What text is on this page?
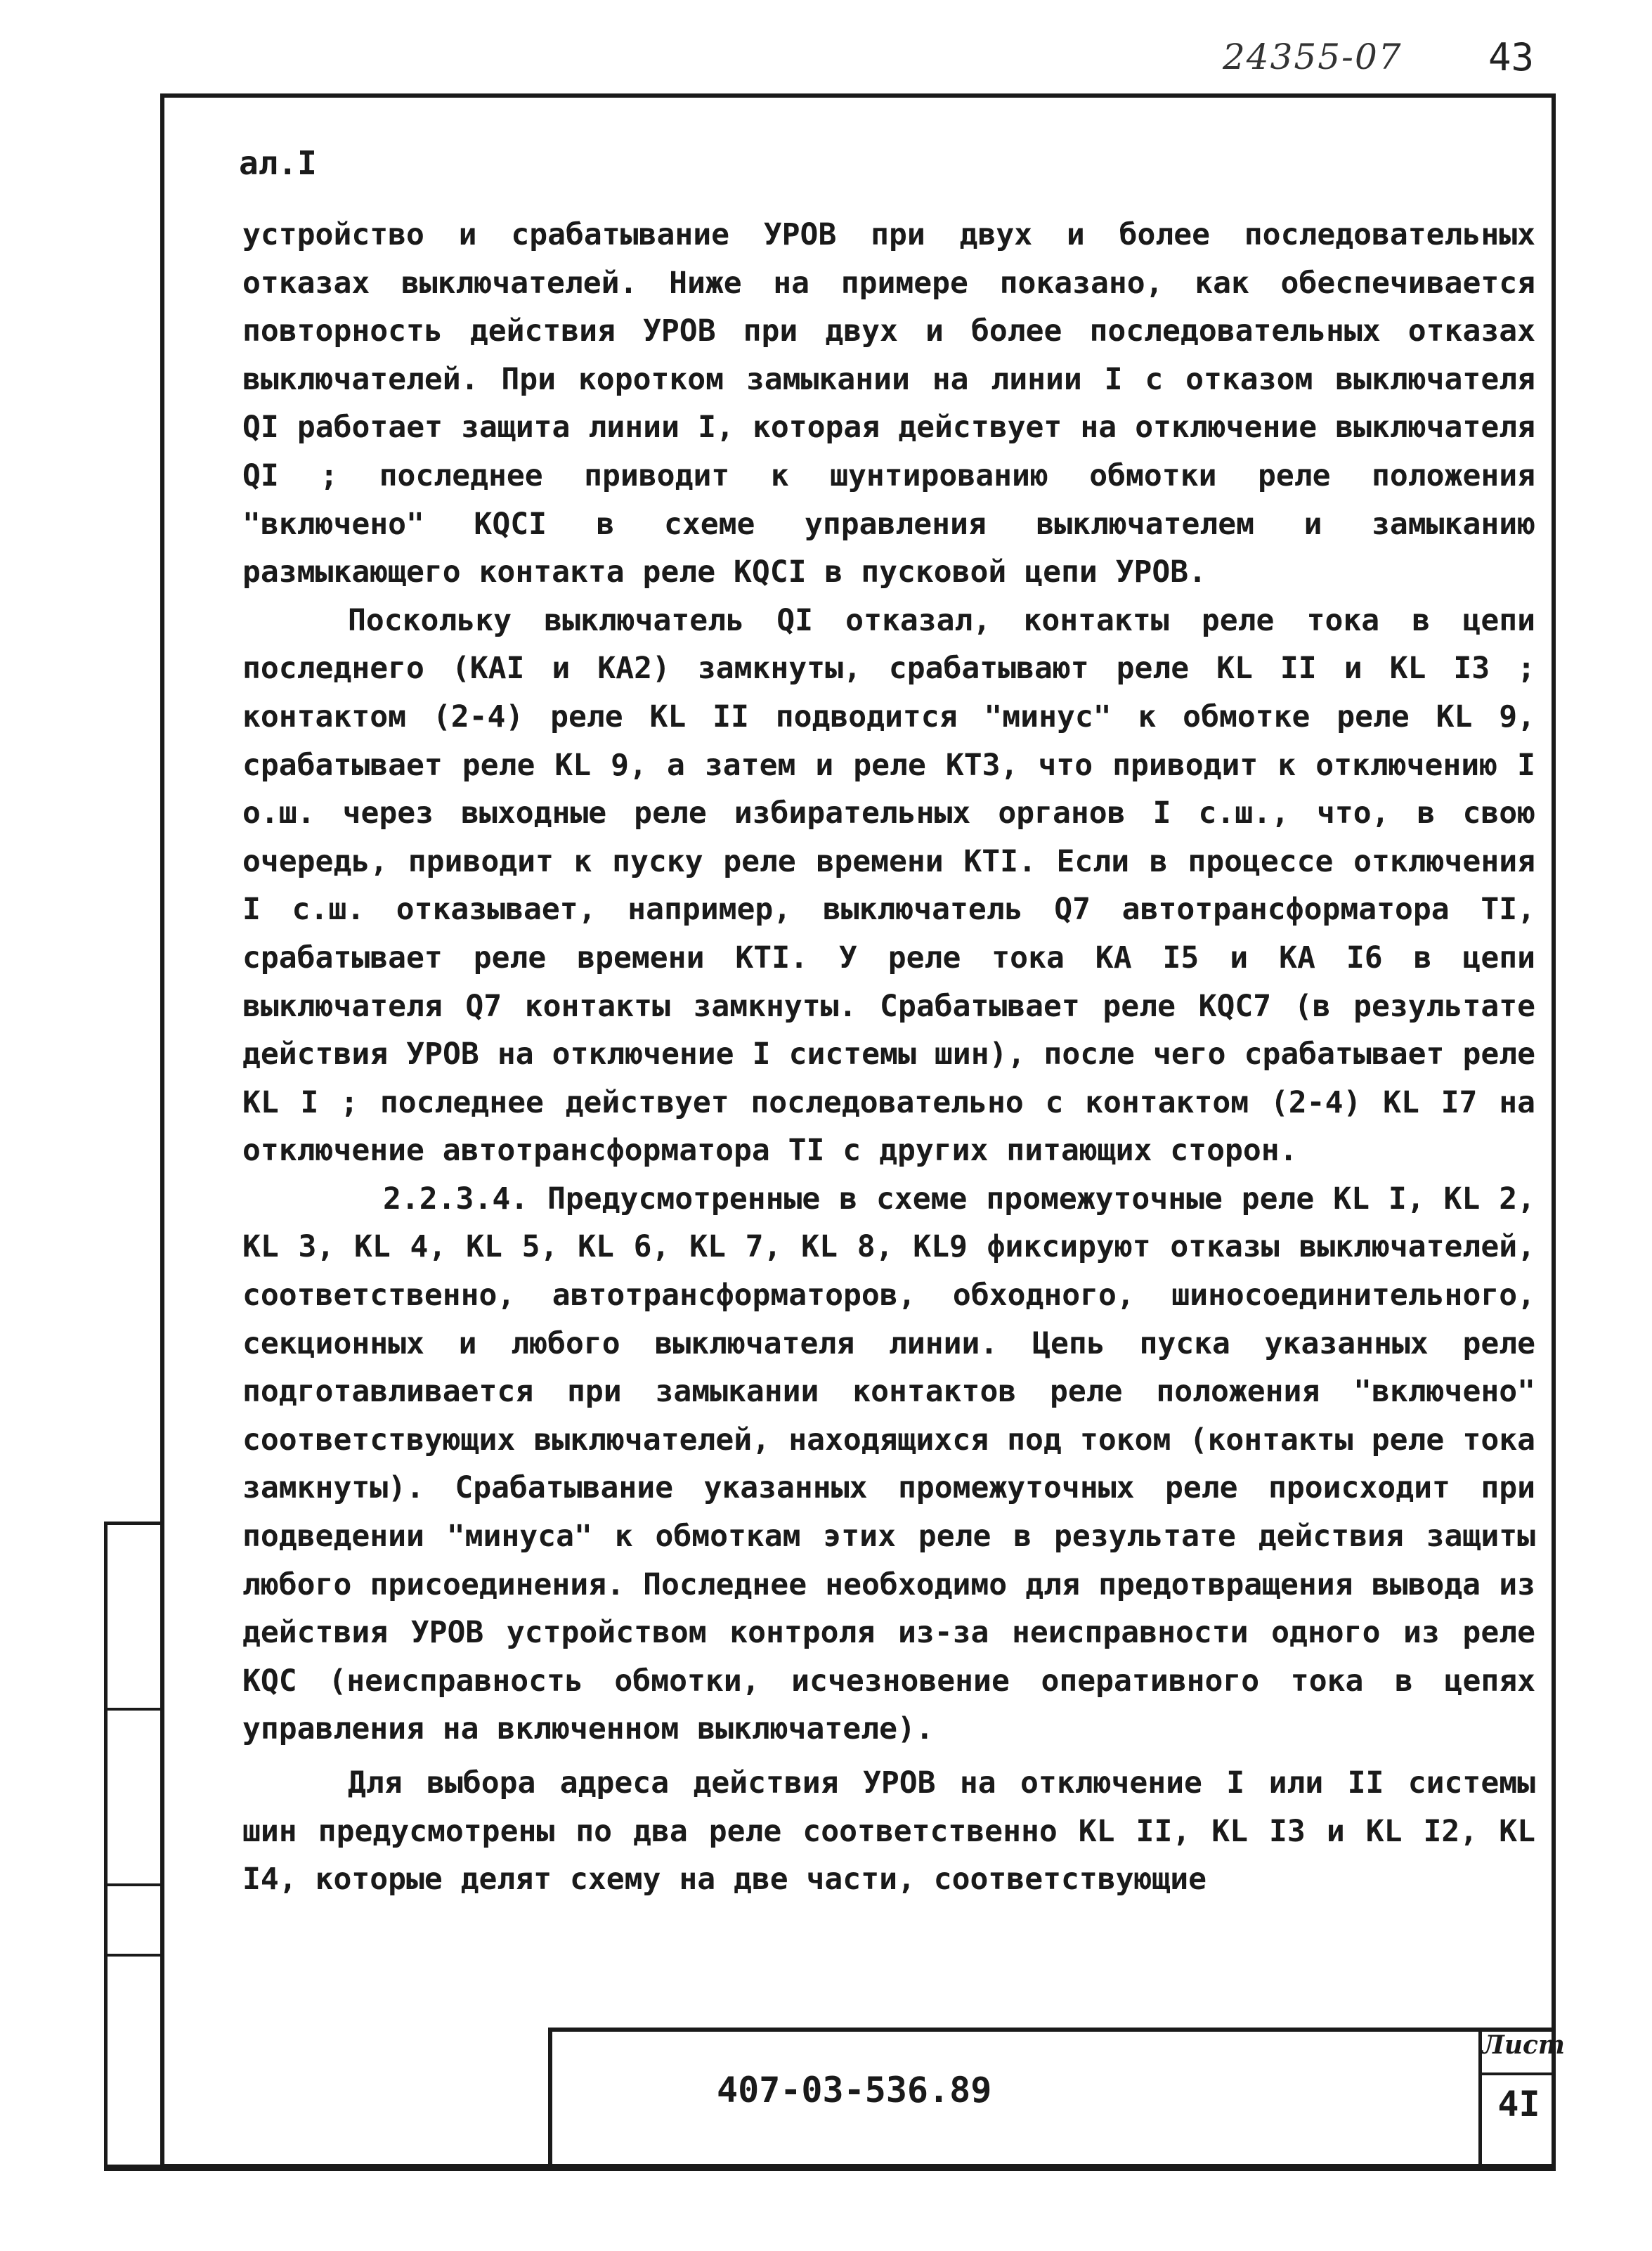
24355-07 43
ал.I

устройство и срабатывание УРОВ при двух и более последовательных отказах выключателей. Ниже на примере показано, как обеспечивается повторность действия УРОВ при двух и более последовательных отказах выключателей. При коротком замыкании на линии I с отказом выключателя QI работает защита линии I, которая действует на отключение выключателя QI ; последнее приводит к шунтированию обмотки реле положения "включено" KQCI в схеме управления выключателем и замыканию размыкающего контакта реле KQCI в пусковой цепи УРОВ.

Поскольку выключатель QI отказал, контакты реле тока в цепи последнего (KAI и KA2) замкнуты, срабатывают реле KL II и KL I3 ; контактом (2-4) реле KL II подводится "минус" к обмотке реле KL 9, срабатывает реле KL 9, а затем и реле KT3, что приводит к отключению I о.ш. через выходные реле избирательных органов I с.ш., что, в свою очередь, приводит к пуску реле времени KTI. Если в процессе отключения I с.ш. отказывает, например, выключатель Q7 автотрансформатора TI, срабатывает реле времени KTI. У реле тока KA I5 и KA I6 в цепи выключателя Q7 контакты замкнуты. Срабатывает реле KQC7 (в результате действия УРОВ на отключение I системы шин), после чего срабатывает реле KL I ; последнее действует последовательно с контактом (2-4) KL I7 на отключение автотрансформатора TI с других питающих сторон.

2.2.3.4. Предусмотренные в схеме промежуточные реле KL I, KL 2, KL 3, KL 4, KL 5, KL 6, KL 7, KL 8, KL9 фиксируют отказы выключателей, соответственно, автотрансформаторов, обходного, шиносоединительного, секционных и любого выключателя линии. Цепь пуска указанных реле подготавливается при замыкании контактов реле положения "включено" соответствующих выключателей, находящихся под током (контакты реле тока замкнуты). Срабатывание указанных промежуточных реле происходит при подведении "минуса" к обмоткам этих реле в результате действия защиты любого присоединения. Последнее необходимо для предотвращения вывода из действия УРОВ устройством контроля из-за неисправности одного из реле KQC (неисправность обмотки, исчезновение оперативного тока в цепях управления на включенном выключателе).

Для выбора адреса действия УРОВ на отключение I или II системы шин предусмотрены по два реле соответственно KL II, KL I3 и KL I2, KL I4, которые делят схему на две части, соответствующие

407-03-536.89
Лист
4I
